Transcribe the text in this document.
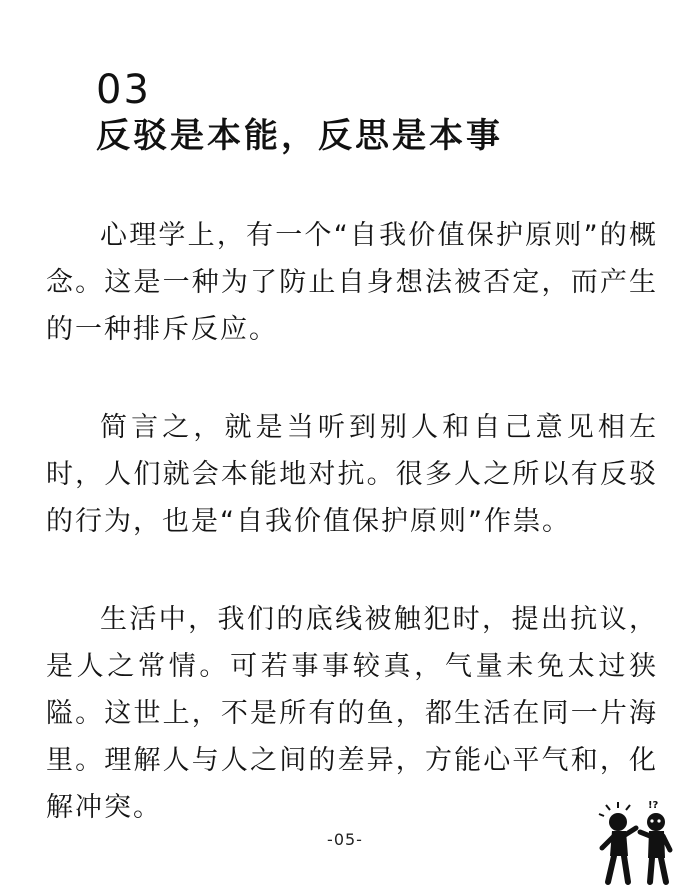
03
反驳是本能，反思是本事

心理学上，有一个“自我价值保护原则”的概念。这是一种为了防止自身想法被否定，而产生的一种排斥反应。

简言之，就是当听到别人和自己意见相左时，人们就会本能地对抗。很多人之所以有反驳的行为，也是“自我价值保护原则”作祟。

生活中，我们的底线被触犯时，提出抗议，是人之常情。可若事事较真，气量未免太过狭隘。这世上，不是所有的鱼，都生活在同一片海里。理解人与人之间的差异，方能心平气和，化解冲突。

-05-
!?
